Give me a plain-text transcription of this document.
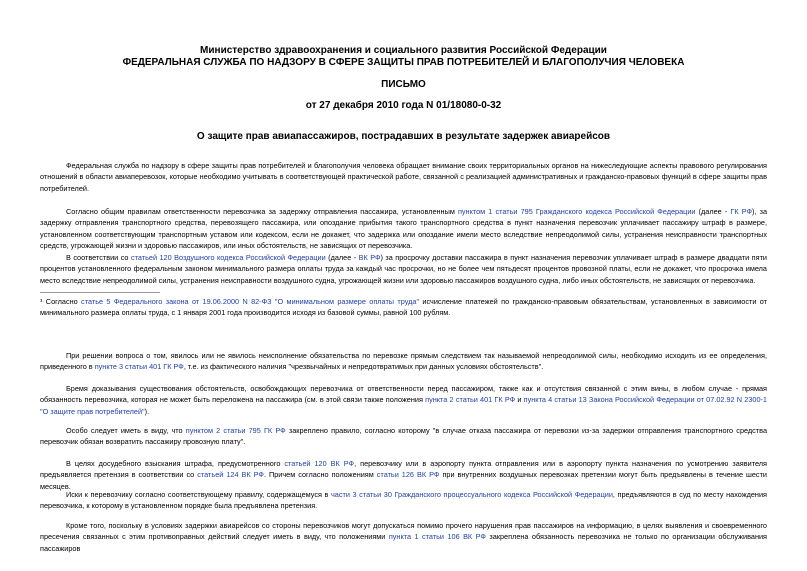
Министерство здравоохранения и социального развития Российской Федерации
ФЕДЕРАЛЬНАЯ СЛУЖБА ПО НАДЗОРУ В СФЕРЕ ЗАЩИТЫ ПРАВ ПОТРЕБИТЕЛЕЙ И БЛАГОПОЛУЧИЯ ЧЕЛОВЕКА
ПИСЬМО
от 27 декабря 2010 года N 01/18080-0-32
О защите прав авиапассажиров, пострадавших в результате задержек авиарейсов

Федеральная служба по надзору в сфере защиты прав потребителей и благополучия человека обращает внимание своих территориальных органов на нижеследующие аспекты правового регулирования отношений в области авиаперевозок, которые необходимо учитывать в соответствующей практической работе, связанной с реализацией административных и гражданско-правовых функций в сфере защиты прав потребителей.

Согласно общим правилам ответственности перевозчика за задержку отправления пассажира, установленным пунктом 1 статьи 795 Гражданского кодекса Российской Федерации (далее - ГК РФ), за задержку отправления транспортного средства, перевозящего пассажира, или опоздание прибытия такого транспортного средства в пункт назначения перевозчик уплачивает пассажиру штраф в размере, установленном соответствующим транспортным уставом или кодексом, если не докажет, что задержка или опоздание имели место вследствие непреодолимой силы, устранения неисправности транспортных средств, угрожающей жизни и здоровью пассажиров, или иных обстоятельств, не зависящих от перевозчика.

В соответствии со статьей 120 Воздушного кодекса Российской Федерации (далее - ВК РФ) за просрочку доставки пассажира в пункт назначения перевозчик уплачивает штраф в размере двадцати пяти процентов установленного федеральным законом минимального размера оплаты труда за каждый час просрочки, но не более чем пятьдесят процентов провозной платы, если не докажет, что просрочка имела место вследствие непреодолимой силы, устранения неисправности воздушного судна, угрожающей жизни или здоровью пассажиров воздушного судна, либо иных обстоятельств, не зависящих от перевозчика.

¹ Согласно статье 5 Федерального закона от 19.06.2000 N 82-ФЗ "О минимальном размере оплаты труда" исчисление платежей по гражданско-правовым обязательствам, установленных в зависимости от минимального размера оплаты труда, с 1 января 2001 года производится исходя из базовой суммы, равной 100 рублям.

При решении вопроса о том, явилось или не явилось неисполнение обязательства по перевозке прямым следствием так называемой непреодолимой силы, необходимо исходить из ее определения, приведенного в пункте 3 статьи 401 ГК РФ, т.е. из фактического наличия "чрезвычайных и непредотвратимых при данных условиях обстоятельств".

Бремя доказывания существования обстоятельств, освобождающих перевозчика от ответственности перед пассажиром, также как и отсутствия связанной с этим вины, в любом случае - прямая обязанность перевозчика, которая не может быть переложена на пассажира (см. в этой связи также положения пункта 2 статьи 401 ГК РФ и пункта 4 статьи 13 Закона Российской Федерации от 07.02.92 N 2300-1 "О защите прав потребителей").

Особо следует иметь в виду, что пунктом 2 статьи 795 ГК РФ закреплено правило, согласно которому "в случае отказа пассажира от перевозки из-за задержки отправления транспортного средства перевозчик обязан возвратить пассажиру провозную плату".

В целях досудебного взыскания штрафа, предусмотренного статьей 120 ВК РФ, перевозчику или в аэропорту пункта отправления или в аэропорту пункта назначения по усмотрению заявителя предъявляется претензия в соответствии со статьей 124 ВК РФ. Причем согласно положениям статьи 126 ВК РФ при внутренних воздушных перевозках претензии могут быть предъявлены в течение шести месяцев.

Иски к перевозчику согласно соответствующему правилу, содержащемуся в части 3 статьи 30 Гражданского процессуального кодекса Российской Федерации, предъявляются в суд по месту нахождения перевозчика, к которому в установленном порядке была предъявлена претензия.

Кроме того, поскольку в условиях задержки авиарейсов со стороны перевозчиков могут допускаться помимо прочего нарушения прав пассажиров на информацию, в целях выявления и своевременного пресечения связанных с этим противоправных действий следует иметь в виду, что положениями пункта 1 статьи 106 ВК РФ закреплена обязанность перевозчика не только по организации обслуживания пассажиров
